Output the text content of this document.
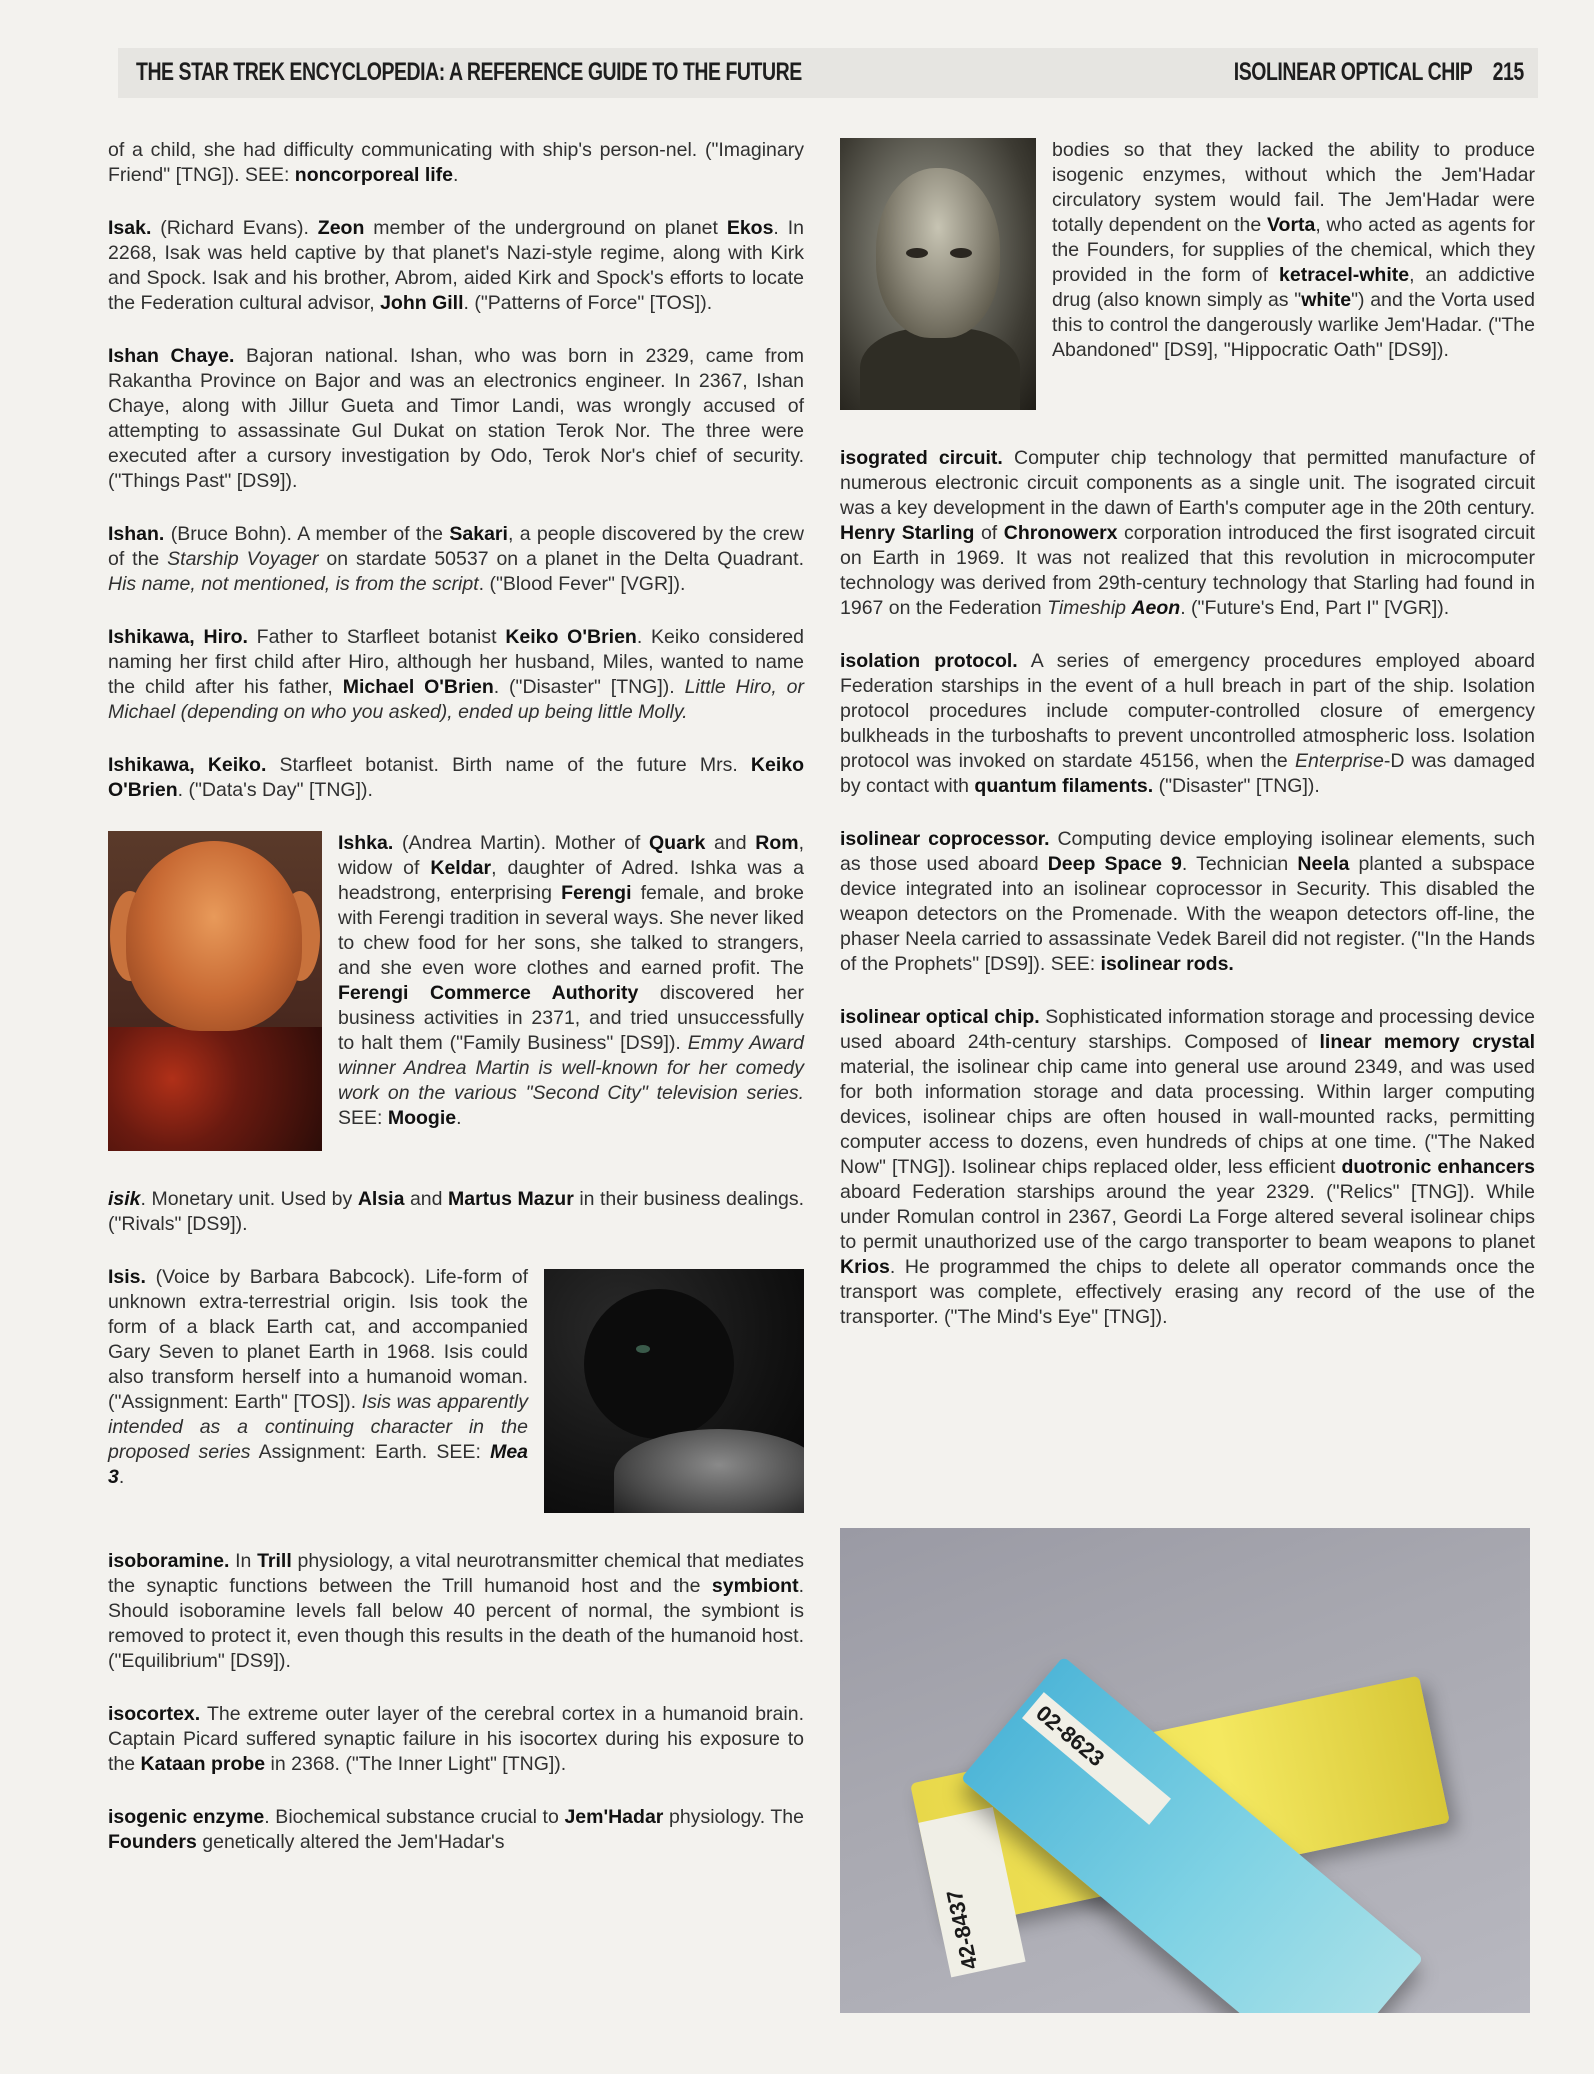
THE STAR TREK ENCYCLOPEDIA: A REFERENCE GUIDE TO THE FUTURE	ISOLINEAR OPTICAL CHIP 215

of a child, she had difficulty communicating with ship's person-nel. ("Imaginary Friend" [TNG]). SEE: noncorporeal life.

Isak. (Richard Evans). Zeon member of the underground on planet Ekos. In 2268, Isak was held captive by that planet's Nazi-style regime, along with Kirk and Spock. Isak and his brother, Abrom, aided Kirk and Spock's efforts to locate the Federation cultural advisor, John Gill. ("Patterns of Force" [TOS]).

Ishan Chaye. Bajoran national. Ishan, who was born in 2329, came from Rakantha Province on Bajor and was an electronics engineer. In 2367, Ishan Chaye, along with Jillur Gueta and Timor Landi, was wrongly accused of attempting to assassinate Gul Dukat on station Terok Nor. The three were executed after a cursory investigation by Odo, Terok Nor's chief of security. ("Things Past" [DS9]).

Ishan. (Bruce Bohn). A member of the Sakari, a people discovered by the crew of the Starship Voyager on stardate 50537 on a planet in the Delta Quadrant. His name, not mentioned, is from the script. ("Blood Fever" [VGR]).

Ishikawa, Hiro. Father to Starfleet botanist Keiko O'Brien. Keiko considered naming her first child after Hiro, although her husband, Miles, wanted to name the child after his father, Michael O'Brien. ("Disaster" [TNG]). Little Hiro, or Michael (depending on who you asked), ended up being little Molly.

Ishikawa, Keiko. Starfleet botanist. Birth name of the future Mrs. Keiko O'Brien. ("Data's Day" [TNG]).

Ishka. (Andrea Martin). Mother of Quark and Rom, widow of Keldar, daughter of Adred. Ishka was a headstrong, enterprising Ferengi female, and broke with Ferengi tradition in several ways. She never liked to chew food for her sons, she talked to strangers, and she even wore clothes and earned profit. The Ferengi Commerce Authority discovered her business activities in 2371, and tried unsuccessfully to halt them ("Family Business" [DS9]). Emmy Award winner Andrea Martin is well-known for her comedy work on the various "Second City" television series. SEE: Moogie.

isik. Monetary unit. Used by Alsia and Martus Mazur in their business dealings. ("Rivals" [DS9]).

Isis. (Voice by Barbara Babcock). Life-form of unknown extra-terrestrial origin. Isis took the form of a black Earth cat, and accompanied Gary Seven to planet Earth in 1968. Isis could also transform herself into a humanoid woman. ("Assignment: Earth" [TOS]). Isis was apparently intended as a continuing character in the proposed series Assignment: Earth. SEE: Mea 3.

isoboramine. In Trill physiology, a vital neurotransmitter chemical that mediates the synaptic functions between the Trill humanoid host and the symbiont. Should isoboramine levels fall below 40 percent of normal, the symbiont is removed to protect it, even though this results in the death of the humanoid host. ("Equilibrium" [DS9]).

isocortex. The extreme outer layer of the cerebral cortex in a humanoid brain. Captain Picard suffered synaptic failure in his isocortex during his exposure to the Kataan probe in 2368. ("The Inner Light" [TNG]).

isogenic enzyme. Biochemical substance crucial to Jem'Hadar physiology. The Founders genetically altered the Jem'Hadar's

bodies so that they lacked the ability to produce isogenic enzymes, without which the Jem'Hadar circulatory system would fail. The Jem'Hadar were totally dependent on the Vorta, who acted as agents for the Founders, for supplies of the chemical, which they provided in the form of ketracel-white, an addictive drug (also known simply as "white") and the Vorta used this to control the dangerously warlike Jem'Hadar. ("The Abandoned" [DS9], "Hippocratic Oath" [DS9]).

isograted circuit. Computer chip technology that permitted manufacture of numerous electronic circuit components as a single unit. The isograted circuit was a key development in the dawn of Earth's computer age in the 20th century. Henry Starling of Chronowerx corporation introduced the first isograted circuit on Earth in 1969. It was not realized that this revolution in microcomputer technology was derived from 29th-century technology that Starling had found in 1967 on the Federation Timeship Aeon. ("Future's End, Part I" [VGR]).

isolation protocol. A series of emergency procedures employed aboard Federation starships in the event of a hull breach in part of the ship. Isolation protocol procedures include computer-controlled closure of emergency bulkheads in the turboshafts to prevent uncontrolled atmospheric loss. Isolation protocol was invoked on stardate 45156, when the Enterprise-D was damaged by contact with quantum filaments. ("Disaster" [TNG]).

isolinear coprocessor. Computing device employing isolinear elements, such as those used aboard Deep Space 9. Technician Neela planted a subspace device integrated into an isolinear coprocessor in Security. This disabled the weapon detectors on the Promenade. With the weapon detectors off-line, the phaser Neela carried to assassinate Vedek Bareil did not register. ("In the Hands of the Prophets" [DS9]). SEE: isolinear rods.

isolinear optical chip. Sophisticated information storage and processing device used aboard 24th-century starships. Composed of linear memory crystal material, the isolinear chip came into general use around 2349, and was used for both information storage and data processing. Within larger computing devices, isolinear chips are often housed in wall-mounted racks, permitting computer access to dozens, even hundreds of chips at one time. ("The Naked Now" [TNG]). Isolinear chips replaced older, less efficient duotronic enhancers aboard Federation starships around the year 2329. ("Relics" [TNG]). While under Romulan control in 2367, Geordi La Forge altered several isolinear chips to permit unauthorized use of the cargo transporter to beam weapons to planet Krios. He programmed the chips to delete all operator commands once the transport was complete, effectively erasing any record of the use of the transporter. ("The Mind's Eye" [TNG]).

42-8437
02-8623
